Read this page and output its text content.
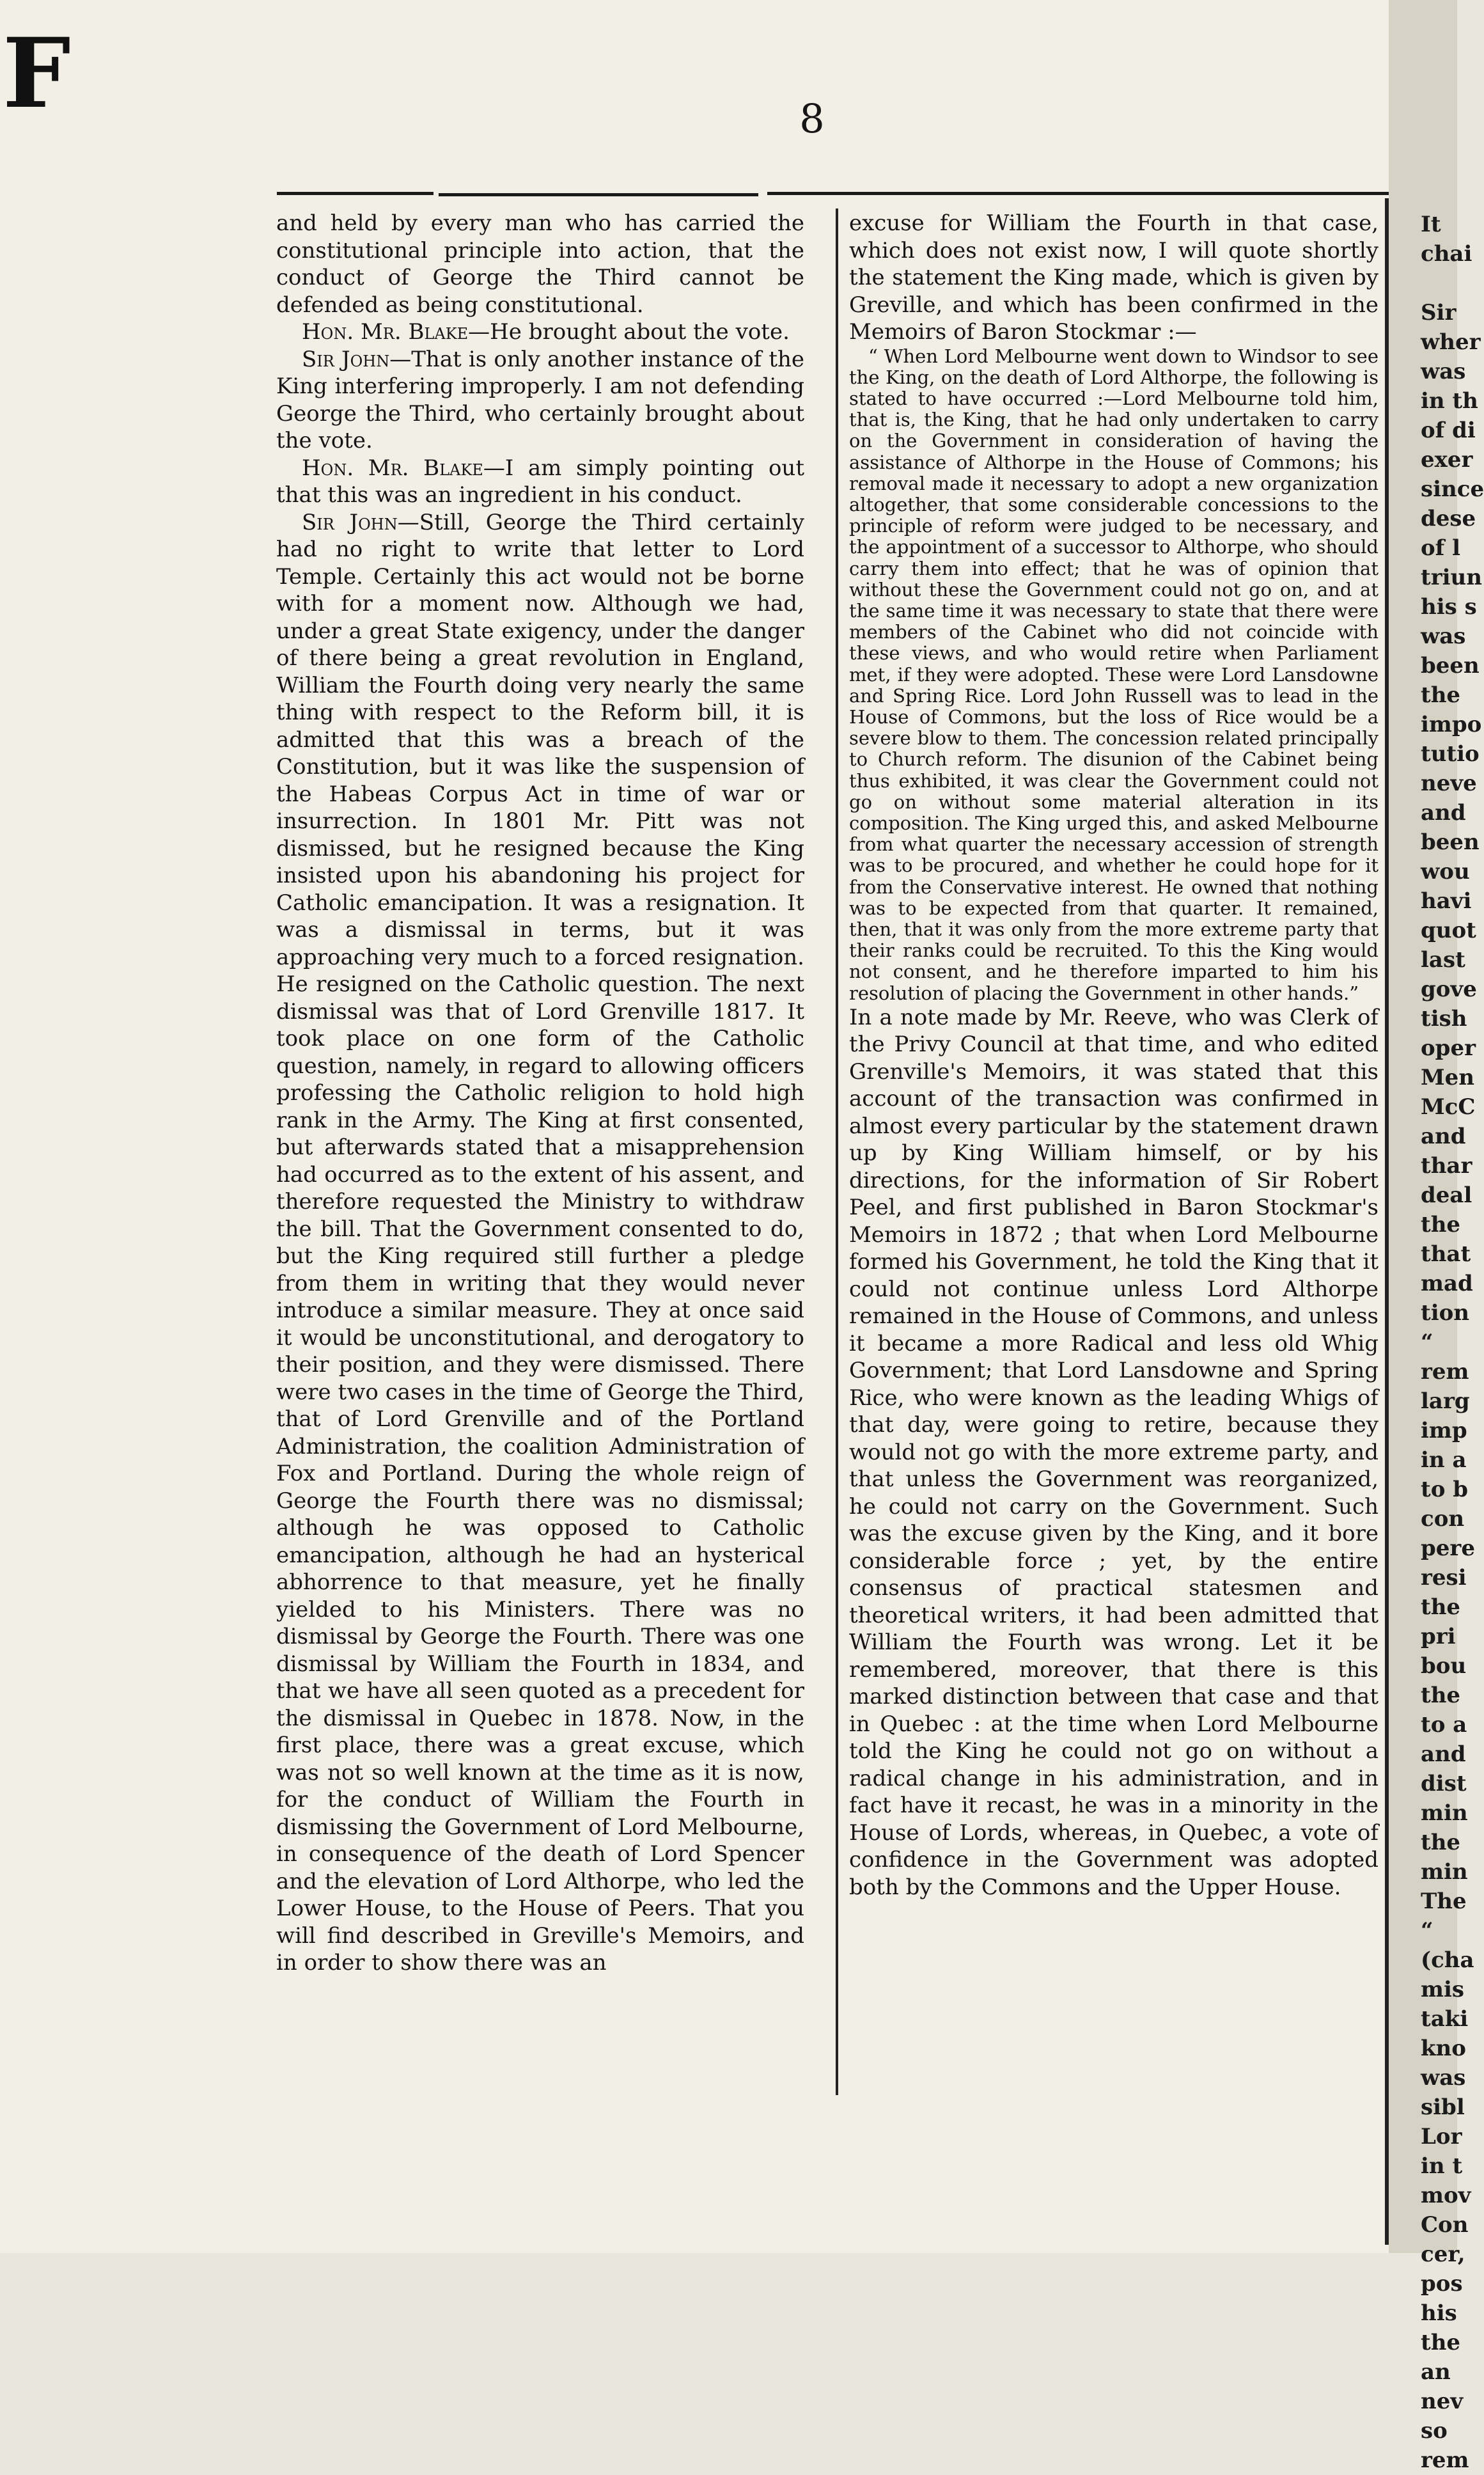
F	8

and held by every man who has carried the constitutional principle into action, that the conduct of George the Third cannot be defended as being constitutional.

Hon. Mr. Blake—He brought about the vote.

Sir John—That is only another instance of the King interfering improperly. I am not defending George the Third, who certainly brought about the vote.

Hon. Mr. Blake—I am simply pointing out that this was an ingredient in his conduct.

Sir John—Still, George the Third certainly had no right to write that letter to Lord Temple. Certainly this act would not be borne with for a moment now. Although we had, under a great State exigency, under the danger of there being a great revolution in England, William the Fourth doing very nearly the same thing with respect to the Reform bill, it is admitted that this was a breach of the Constitution, but it was like the suspension of the Habeas Corpus Act in time of war or insurrection. In 1801 Mr. Pitt was not dismissed, but he resigned because the King insisted upon his abandoning his project for Catholic emancipation. It was a resignation. It was a dismissal in terms, but it was approaching very much to a forced resignation. He resigned on the Catholic question. The next dismissal was that of Lord Grenville 1817. It took place on one form of the Catholic question, namely, in regard to allowing officers professing the Catholic religion to hold high rank in the Army. The King at first consented, but afterwards stated that a misapprehension had occurred as to the extent of his assent, and therefore requested the Ministry to withdraw the bill. That the Government consented to do, but the King required still further a pledge from them in writing that they would never introduce a similar measure. They at once said it would be unconstitutional, and derogatory to their position, and they were dismissed. There were two cases in the time of George the Third, that of Lord Grenville and of the Portland Administration, the coalition Administration of Fox and Portland. During the whole reign of George the Fourth there was no dismissal; although he was opposed to Catholic emancipation, although he had an hysterical abhorrence to that measure, yet he finally yielded to his Ministers. There was no dismissal by George the Fourth. There was one dismissal by William the Fourth in 1834, and that we have all seen quoted as a precedent for the dismissal in Quebec in 1878. Now, in the first place, there was a great excuse, which was not so well known at the time as it is now, for the conduct of William the Fourth in dismissing the Government of Lord Melbourne, in consequence of the death of Lord Spencer and the elevation of Lord Althorpe, who led the Lower House, to the House of Peers. That you will find described in Greville's Memoirs, and in order to show there was an

excuse for William the Fourth in that case, which does not exist now, I will quote shortly the statement the King made, which is given by Greville, and which has been confirmed in the Memoirs of Baron Stockmar :—

“ When Lord Melbourne went down to Windsor to see the King, on the death of Lord Althorpe, the following is stated to have occurred :—Lord Melbourne told him, that is, the King, that he had only undertaken to carry on the Government in consideration of having the assistance of Althorpe in the House of Commons; his removal made it necessary to adopt a new organization altogether, that some considerable concessions to the principle of reform were judged to be necessary, and the appointment of a successor to Althorpe, who should carry them into effect; that he was of opinion that without these the Government could not go on, and at the same time it was necessary to state that there were members of the Cabinet who did not coincide with these views, and who would retire when Parliament met, if they were adopted. These were Lord Lansdowne and Spring Rice. Lord John Russell was to lead in the House of Commons, but the loss of Rice would be a severe blow to them. The concession related principally to Church reform. The disunion of the Cabinet being thus exhibited, it was clear the Government could not go on without some material alteration in its composition. The King urged this, and asked Melbourne from what quarter the necessary accession of strength was to be procured, and whether he could hope for it from the Conservative interest. He owned that nothing was to be expected from that quarter. It remained, then, that it was only from the more extreme party that their ranks could be recruited. To this the King would not consent, and he therefore imparted to him his resolution of placing the Government in other hands.”

In a note made by Mr. Reeve, who was Clerk of the Privy Council at that time, and who edited Grenville's Memoirs, it was stated that this account of the transaction was confirmed in almost every particular by the statement drawn up by King William himself, or by his directions, for the information of Sir Robert Peel, and first published in Baron Stockmar's Memoirs in 1872 ; that when Lord Melbourne formed his Government, he told the King that it could not continue unless Lord Althorpe remained in the House of Commons, and unless it became a more Radical and less old Whig Government; that Lord Lansdowne and Spring Rice, who were known as the leading Whigs of that day, were going to retire, because they would not go with the more extreme party, and that unless the Government was reorganized, he could not carry on the Government. Such was the excuse given by the King, and it bore considerable force ; yet, by the entire consensus of practical statesmen and theoretical writers, it had been admitted that William the Fourth was wrong. Let it be remembered, moreover, that there is this marked distinction between that case and that in Quebec : at the time when Lord Melbourne told the King he could not go on without a radical change in his administration, and in fact have it recast, he was in a minority in the House of Lords, whereas, in Quebec, a vote of confidence in the Government was adopted both by the Commons and the Upper House.

It
chai

Sir
wher
was
in th
of di
exer
since
dese
of l
triun
his s
was
been
the
impo
tutio
neve
and
been
wou
havi
quot
last
gove
tish
oper
Men
McC
and
thar
deal
the
that
mad
tion
“
rem
larg
imp
in a
to b
con
pere
resi
the
pri
bou
the
to a
and
dist
min
the
min
The
“
(cha
mis
taki
kno
was
sibl
Lor
in t
mov
Con
cer,
pos
his
the
an
nev
so
rem
